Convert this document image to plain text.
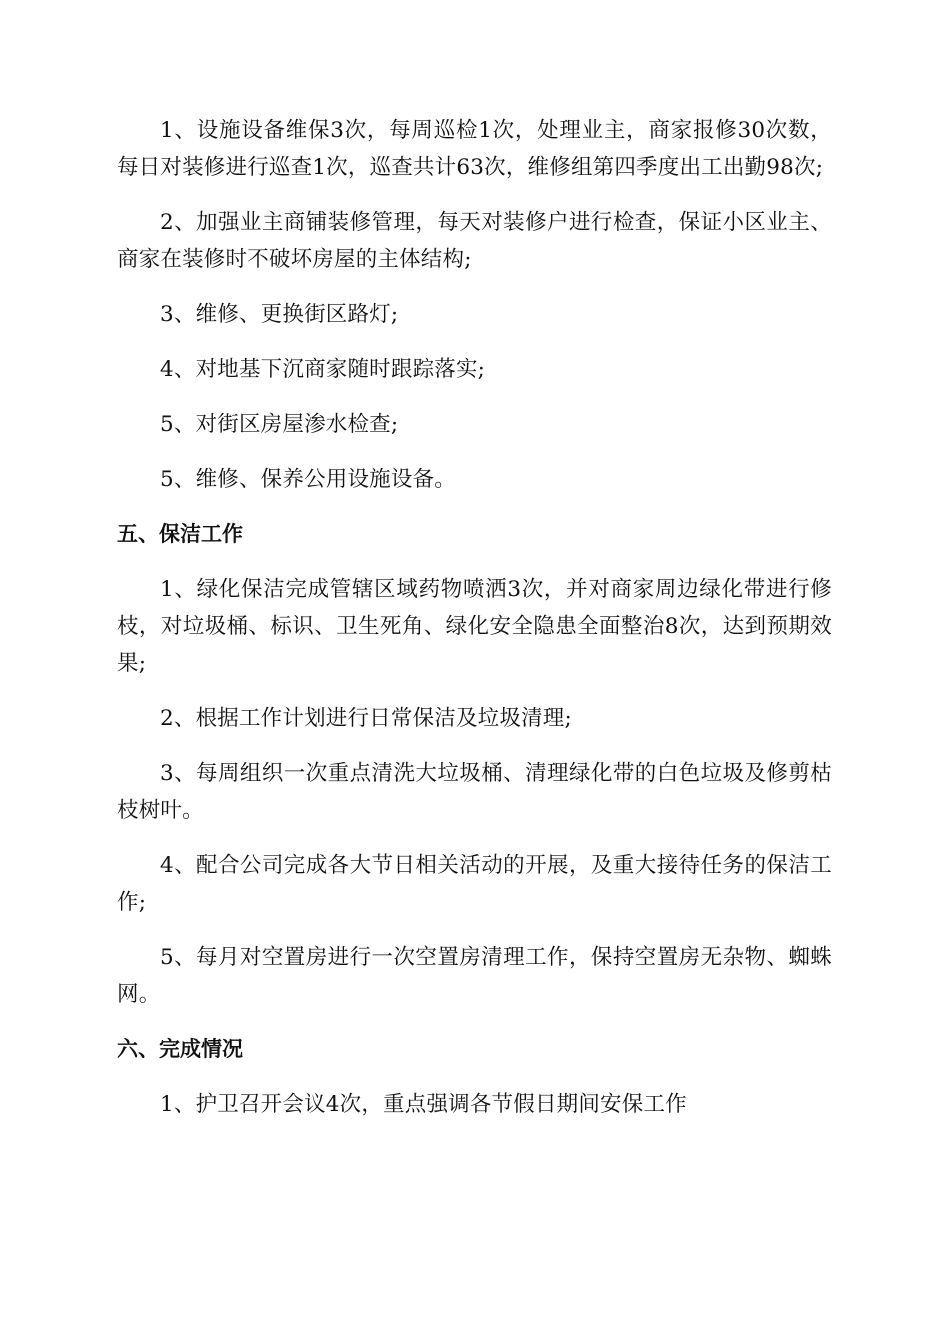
1、设施设备维保3次，每周巡检1次，处理业主，商家报修30次数，每日对装修进行巡查1次，巡查共计63次，维修组第四季度出工出勤98次;

2、加强业主商铺装修管理，每天对装修户进行检查，保证小区业主、商家在装修时不破坏房屋的主体结构;

3、维修、更换街区路灯;

4、对地基下沉商家随时跟踪落实;

5、对街区房屋渗水检查;

5、维修、保养公用设施设备。

五、保洁工作

1、绿化保洁完成管辖区域药物喷洒3次，并对商家周边绿化带进行修枝，对垃圾桶、标识、卫生死角、绿化安全隐患全面整治8次，达到预期效果;

2、根据工作计划进行日常保洁及垃圾清理;

3、每周组织一次重点清洗大垃圾桶、清理绿化带的白色垃圾及修剪枯枝树叶。

4、配合公司完成各大节日相关活动的开展，及重大接待任务的保洁工作;

5、每月对空置房进行一次空置房清理工作，保持空置房无杂物、蜘蛛网。

六、完成情况

1、护卫召开会议4次，重点强调各节假日期间安保工作
